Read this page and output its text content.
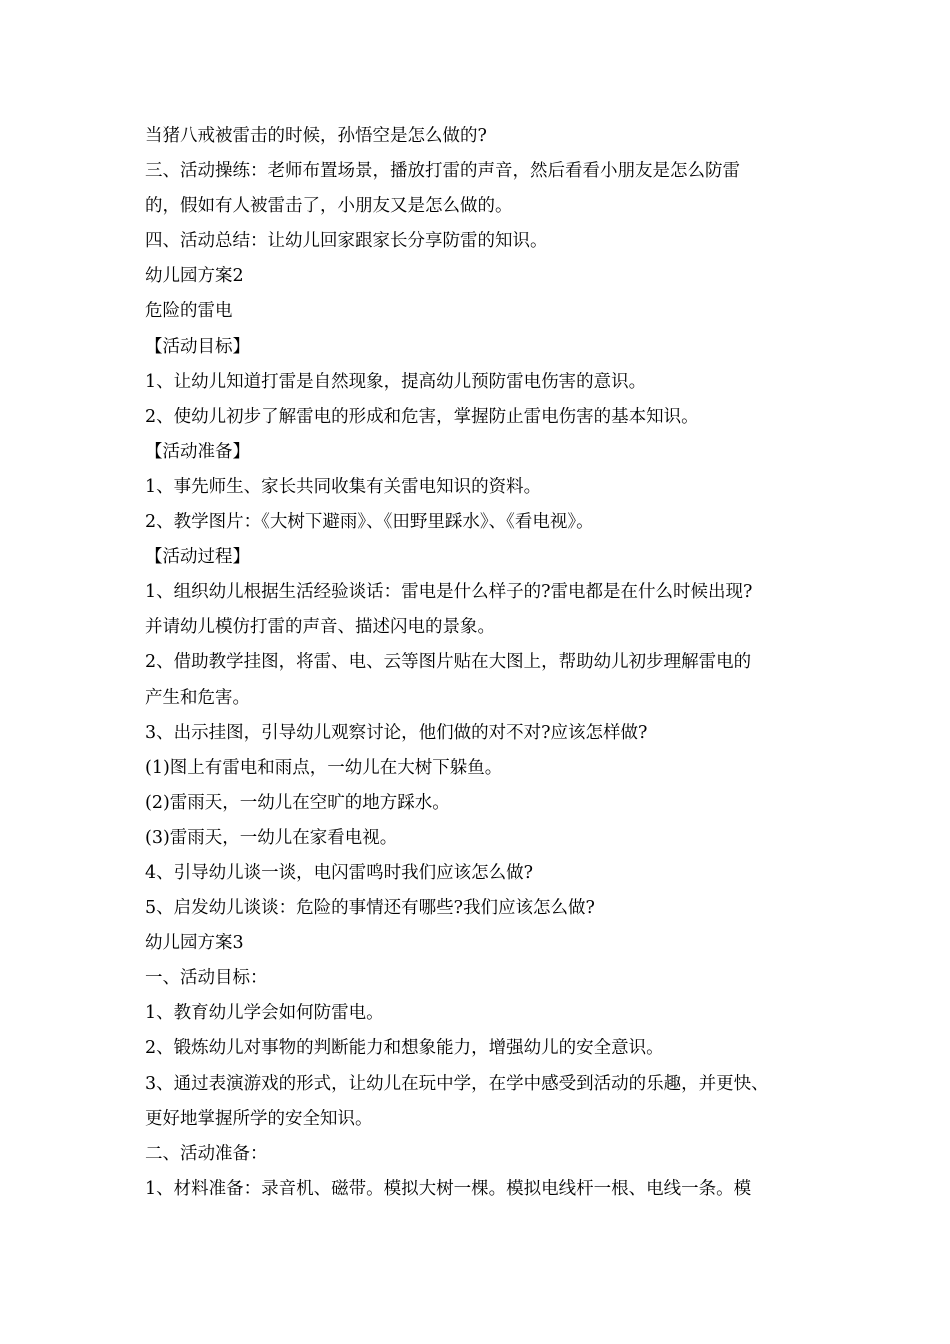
当猪八戒被雷击的时候，孙悟空是怎么做的?
三、活动操练：老师布置场景，播放打雷的声音，然后看看小朋友是怎么防雷
的，假如有人被雷击了，小朋友又是怎么做的。
四、活动总结：让幼儿回家跟家长分享防雷的知识。
幼儿园方案2
危险的雷电
【活动目标】
1、让幼儿知道打雷是自然现象，提高幼儿预防雷电伤害的意识。
2、使幼儿初步了解雷电的形成和危害，掌握防止雷电伤害的基本知识。
【活动准备】
1、事先师生、家长共同收集有关雷电知识的资料。
2、教学图片：《大树下避雨》、《田野里踩水》、《看电视》。
【活动过程】
1、组织幼儿根据生活经验谈话：雷电是什么样子的?雷电都是在什么时候出现?
并请幼儿模仿打雷的声音、描述闪电的景象。
2、借助教学挂图，将雷、电、云等图片贴在大图上，帮助幼儿初步理解雷电的
产生和危害。
3、出示挂图，引导幼儿观察讨论，他们做的对不对?应该怎样做?
(1)图上有雷电和雨点，一幼儿在大树下躲鱼。
(2)雷雨天，一幼儿在空旷的地方踩水。
(3)雷雨天，一幼儿在家看电视。
4、引导幼儿谈一谈，电闪雷鸣时我们应该怎么做?
5、启发幼儿谈谈：危险的事情还有哪些?我们应该怎么做?
幼儿园方案3
一、活动目标：
1、教育幼儿学会如何防雷电。
2、锻炼幼儿对事物的判断能力和想象能力，增强幼儿的安全意识。
3、通过表演游戏的形式，让幼儿在玩中学，在学中感受到活动的乐趣，并更快、
更好地掌握所学的安全知识。
二、活动准备：
1、材料准备：录音机、磁带。模拟大树一棵。模拟电线杆一根、电线一条。模
